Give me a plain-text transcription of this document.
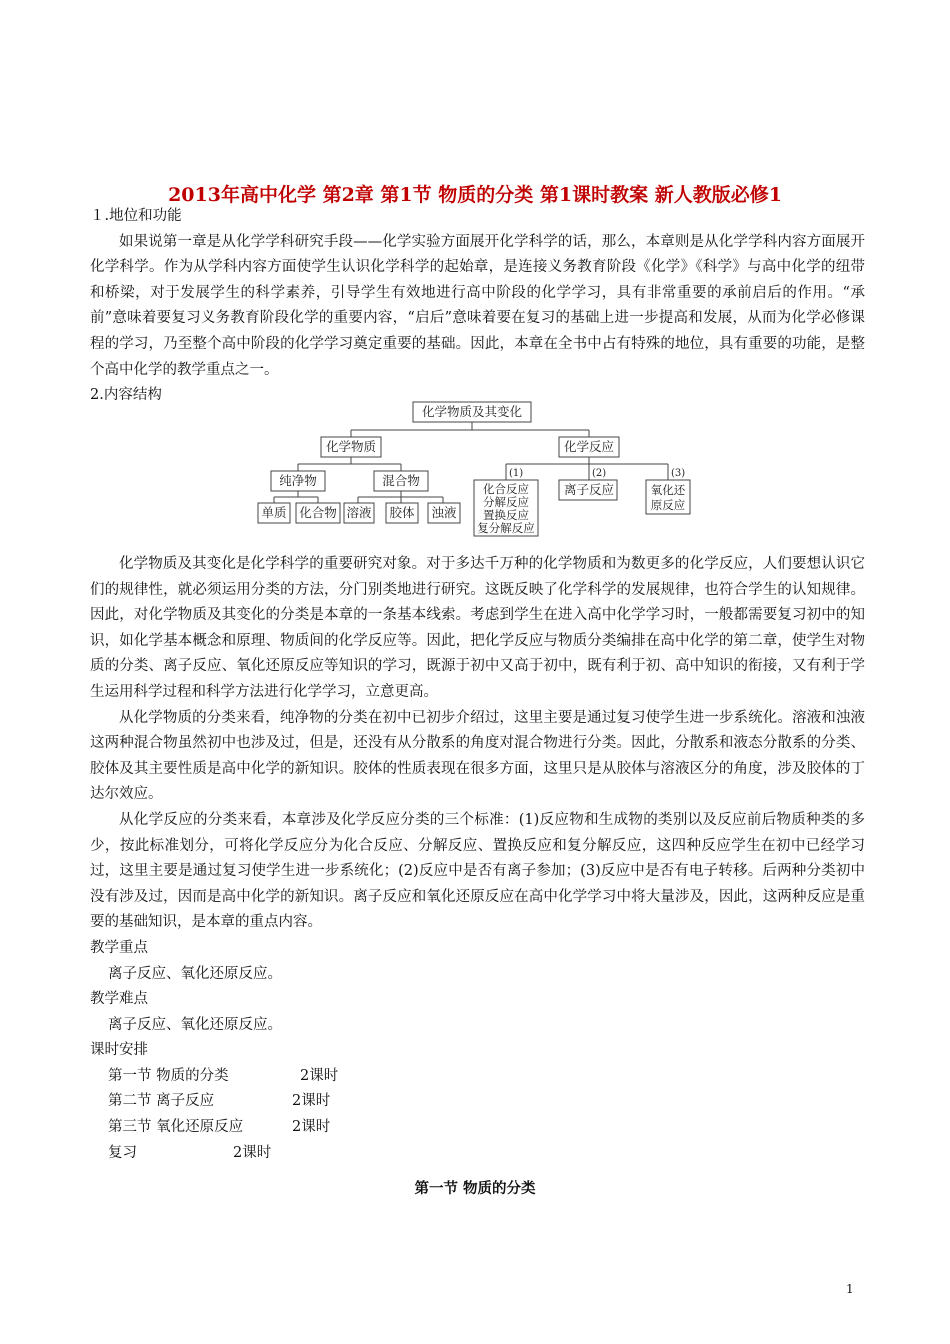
2013年高中化学 第2章 第1节 物质的分类 第1课时教案 新人教版必修1
１.地位和功能
如果说第一章是从化学学科研究手段——化学实验方面展开化学科学的话，那么，本章则是从化学学科内容方面展开化学科学。作为从学科内容方面使学生认识化学科学的起始章，是连接义务教育阶段《化学》《科学》与高中化学的纽带和桥梁，对于发展学生的科学素养，引导学生有效地进行高中阶段的化学学习，具有非常重要的承前启后的作用。“承前”意味着要复习义务教育阶段化学的重要内容，“启后”意味着要在复习的基础上进一步提高和发展，从而为化学必修课程的学习，乃至整个高中阶段的化学学习奠定重要的基础。因此，本章在全书中占有特殊的地位，具有重要的功能，是整个高中化学的教学重点之一。
2.内容结构
化学物质及其变化
化学物质	化学反应
纯净物	混合物
单质 化合物 溶液 胶体 浊液
离子反应
化合反应
分解反应
置换反应
复分解反应
氧化还
原反应
(1)	(2)	(3)
化学物质及其变化是化学科学的重要研究对象。对于多达千万种的化学物质和为数更多的化学反应，人们要想认识它们的规律性，就必须运用分类的方法，分门别类地进行研究。这既反映了化学科学的发展规律，也符合学生的认知规律。因此，对化学物质及其变化的分类是本章的一条基本线索。考虑到学生在进入高中化学学习时，一般都需要复习初中的知识，如化学基本概念和原理、物质间的化学反应等。因此，把化学反应与物质分类编排在高中化学的第二章，使学生对物质的分类、离子反应、氧化还原反应等知识的学习，既源于初中又高于初中，既有利于初、高中知识的衔接，又有利于学生运用科学过程和科学方法进行化学学习，立意更高。
从化学物质的分类来看，纯净物的分类在初中已初步介绍过，这里主要是通过复习使学生进一步系统化。溶液和浊液这两种混合物虽然初中也涉及过，但是，还没有从分散系的角度对混合物进行分类。因此，分散系和液态分散系的分类、胶体及其主要性质是高中化学的新知识。胶体的性质表现在很多方面，这里只是从胶体与溶液区分的角度，涉及胶体的丁达尔效应。
从化学反应的分类来看，本章涉及化学反应分类的三个标准：(1)反应物和生成物的类别以及反应前后物质种类的多少，按此标准划分，可将化学反应分为化合反应、分解反应、置换反应和复分解反应，这四种反应学生在初中已经学习过，这里主要是通过复习使学生进一步系统化；(2)反应中是否有离子参加；(3)反应中是否有电子转移。后两种分类初中没有涉及过，因而是高中化学的新知识。离子反应和氧化还原反应在高中化学学习中将大量涉及，因此，这两种反应是重要的基础知识，是本章的重点内容。
教学重点
离子反应、氧化还原反应。
教学难点
离子反应、氧化还原反应。
课时安排
第一节 物质的分类	2课时
第二节 离子反应	2课时
第三节 氧化还原反应	2课时
复习	2课时
第一节 物质的分类
1
